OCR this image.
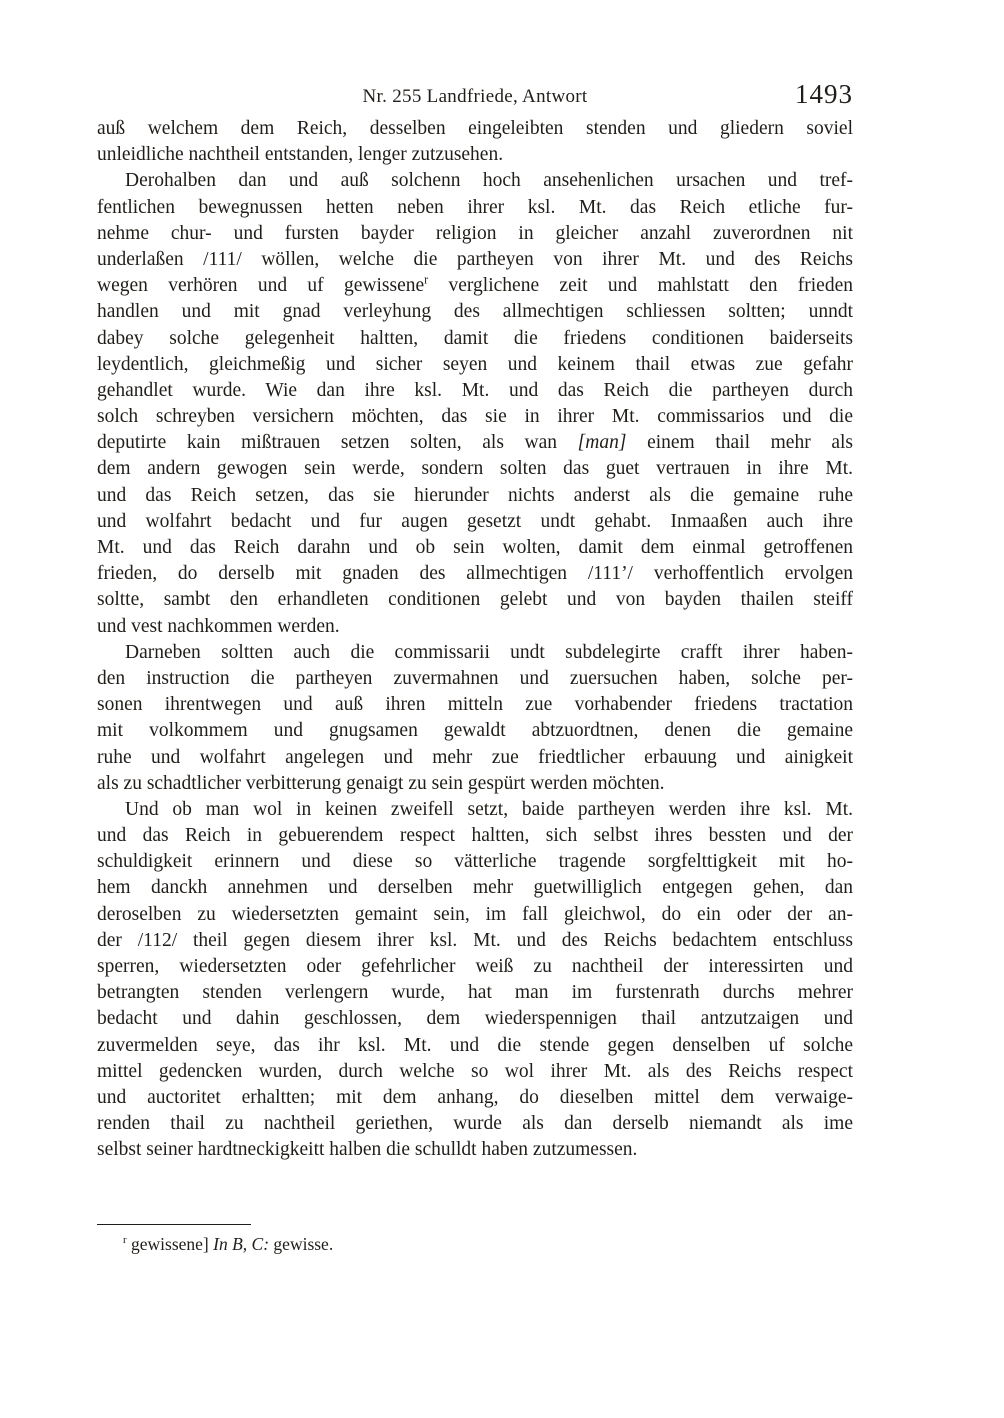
Nr. 255 Landfriede, Antwort	1493
auß welchem dem Reich, desselben eingeleibten stenden und gliedern soviel
unleidliche nachtheil entstanden, lenger zutzusehen.
Derohalben dan und auß solchenn hoch ansehenlichen ursachen und tref-
fentlichen bewegnussen hetten neben ihrer ksl. Mt. das Reich etliche fur-
nehme chur- und fursten bayder religion in gleicher anzahl zuverordnen nit
underlaßen /111/ wöllen, welche die partheyen von ihrer Mt. und des Reichs
wegen verhören und uf gewissene$^r$ verglichene zeit und mahlstatt den frieden
handlen und mit gnad verleyhung des allmechtigen schliessen soltten; unndt
dabey solche gelegenheit haltten, damit die friedens conditionen baiderseits
leydentlich, gleichmeßig und sicher seyen und keinem thail etwas zue gefahr
gehandlet wurde. Wie dan ihre ksl. Mt. und das Reich die partheyen durch
solch schreyben versichern möchten, das sie in ihrer Mt. commissarios und die
deputirte kain mißtrauen setzen solten, als wan [man] einem thail mehr als
dem andern gewogen sein werde, sondern solten das guet vertrauen in ihre Mt.
und das Reich setzen, das sie hierunder nichts anderst als die gemaine ruhe
und wolfahrt bedacht und fur augen gesetzt undt gehabt. Inmaaßen auch ihre
Mt. und das Reich darahn und ob sein wolten, damit dem einmal getroffenen
frieden, do derselb mit gnaden des allmechtigen /111’/ verhoffentlich ervolgen
soltte, sambt den erhandleten conditionen gelebt und von bayden thailen steiff
und vest nachkommen werden.
Darneben soltten auch die commissarii undt subdelegirte crafft ihrer haben-
den instruction die partheyen zuvermahnen und zuersuchen haben, solche per-
sonen ihrentwegen und auß ihren mitteln zue vorhabender friedens tractation
mit volkommem und gnugsamen gewaldt abtzuordtnen, denen die gemaine
ruhe und wolfahrt angelegen und mehr zue friedtlicher erbauung und ainigkeit
als zu schadtlicher verbitterung genaigt zu sein gespürt werden möchten.
Und ob man wol in keinen zweifell setzt, baide partheyen werden ihre ksl. Mt.
und das Reich in gebuerendem respect haltten, sich selbst ihres bessten und der
schuldigkeit erinnern und diese so vätterliche tragende sorgfelttigkeit mit ho-
hem danckh annehmen und derselben mehr guetwilliglich entgegen gehen, dan
deroselben zu wiedersetzten gemaint sein, im fall gleichwol, do ein oder der an-
der /112/ theil gegen diesem ihrer ksl. Mt. und des Reichs bedachtem entschluss
sperren, wiedersetzten oder gefehrlicher weiß zu nachtheil der interessirten und
betrangten stenden verlengern wurde, hat man im furstenrath durchs mehrer
bedacht und dahin geschlossen, dem wiederspennigen thail antzutzaigen und
zuvermelden seye, das ihr ksl. Mt. und die stende gegen denselben uf solche
mittel gedencken wurden, durch welche so wol ihrer Mt. als des Reichs respect
und auctoritet erhaltten; mit dem anhang, do dieselben mittel dem verwaige-
renden thail zu nachtheil geriethen, wurde als dan derselb niemandt als ime
selbst seiner hardtneckigkeitt halben die schulldt haben zutzumessen.
$^r$ gewissene] In B, C: gewisse.
